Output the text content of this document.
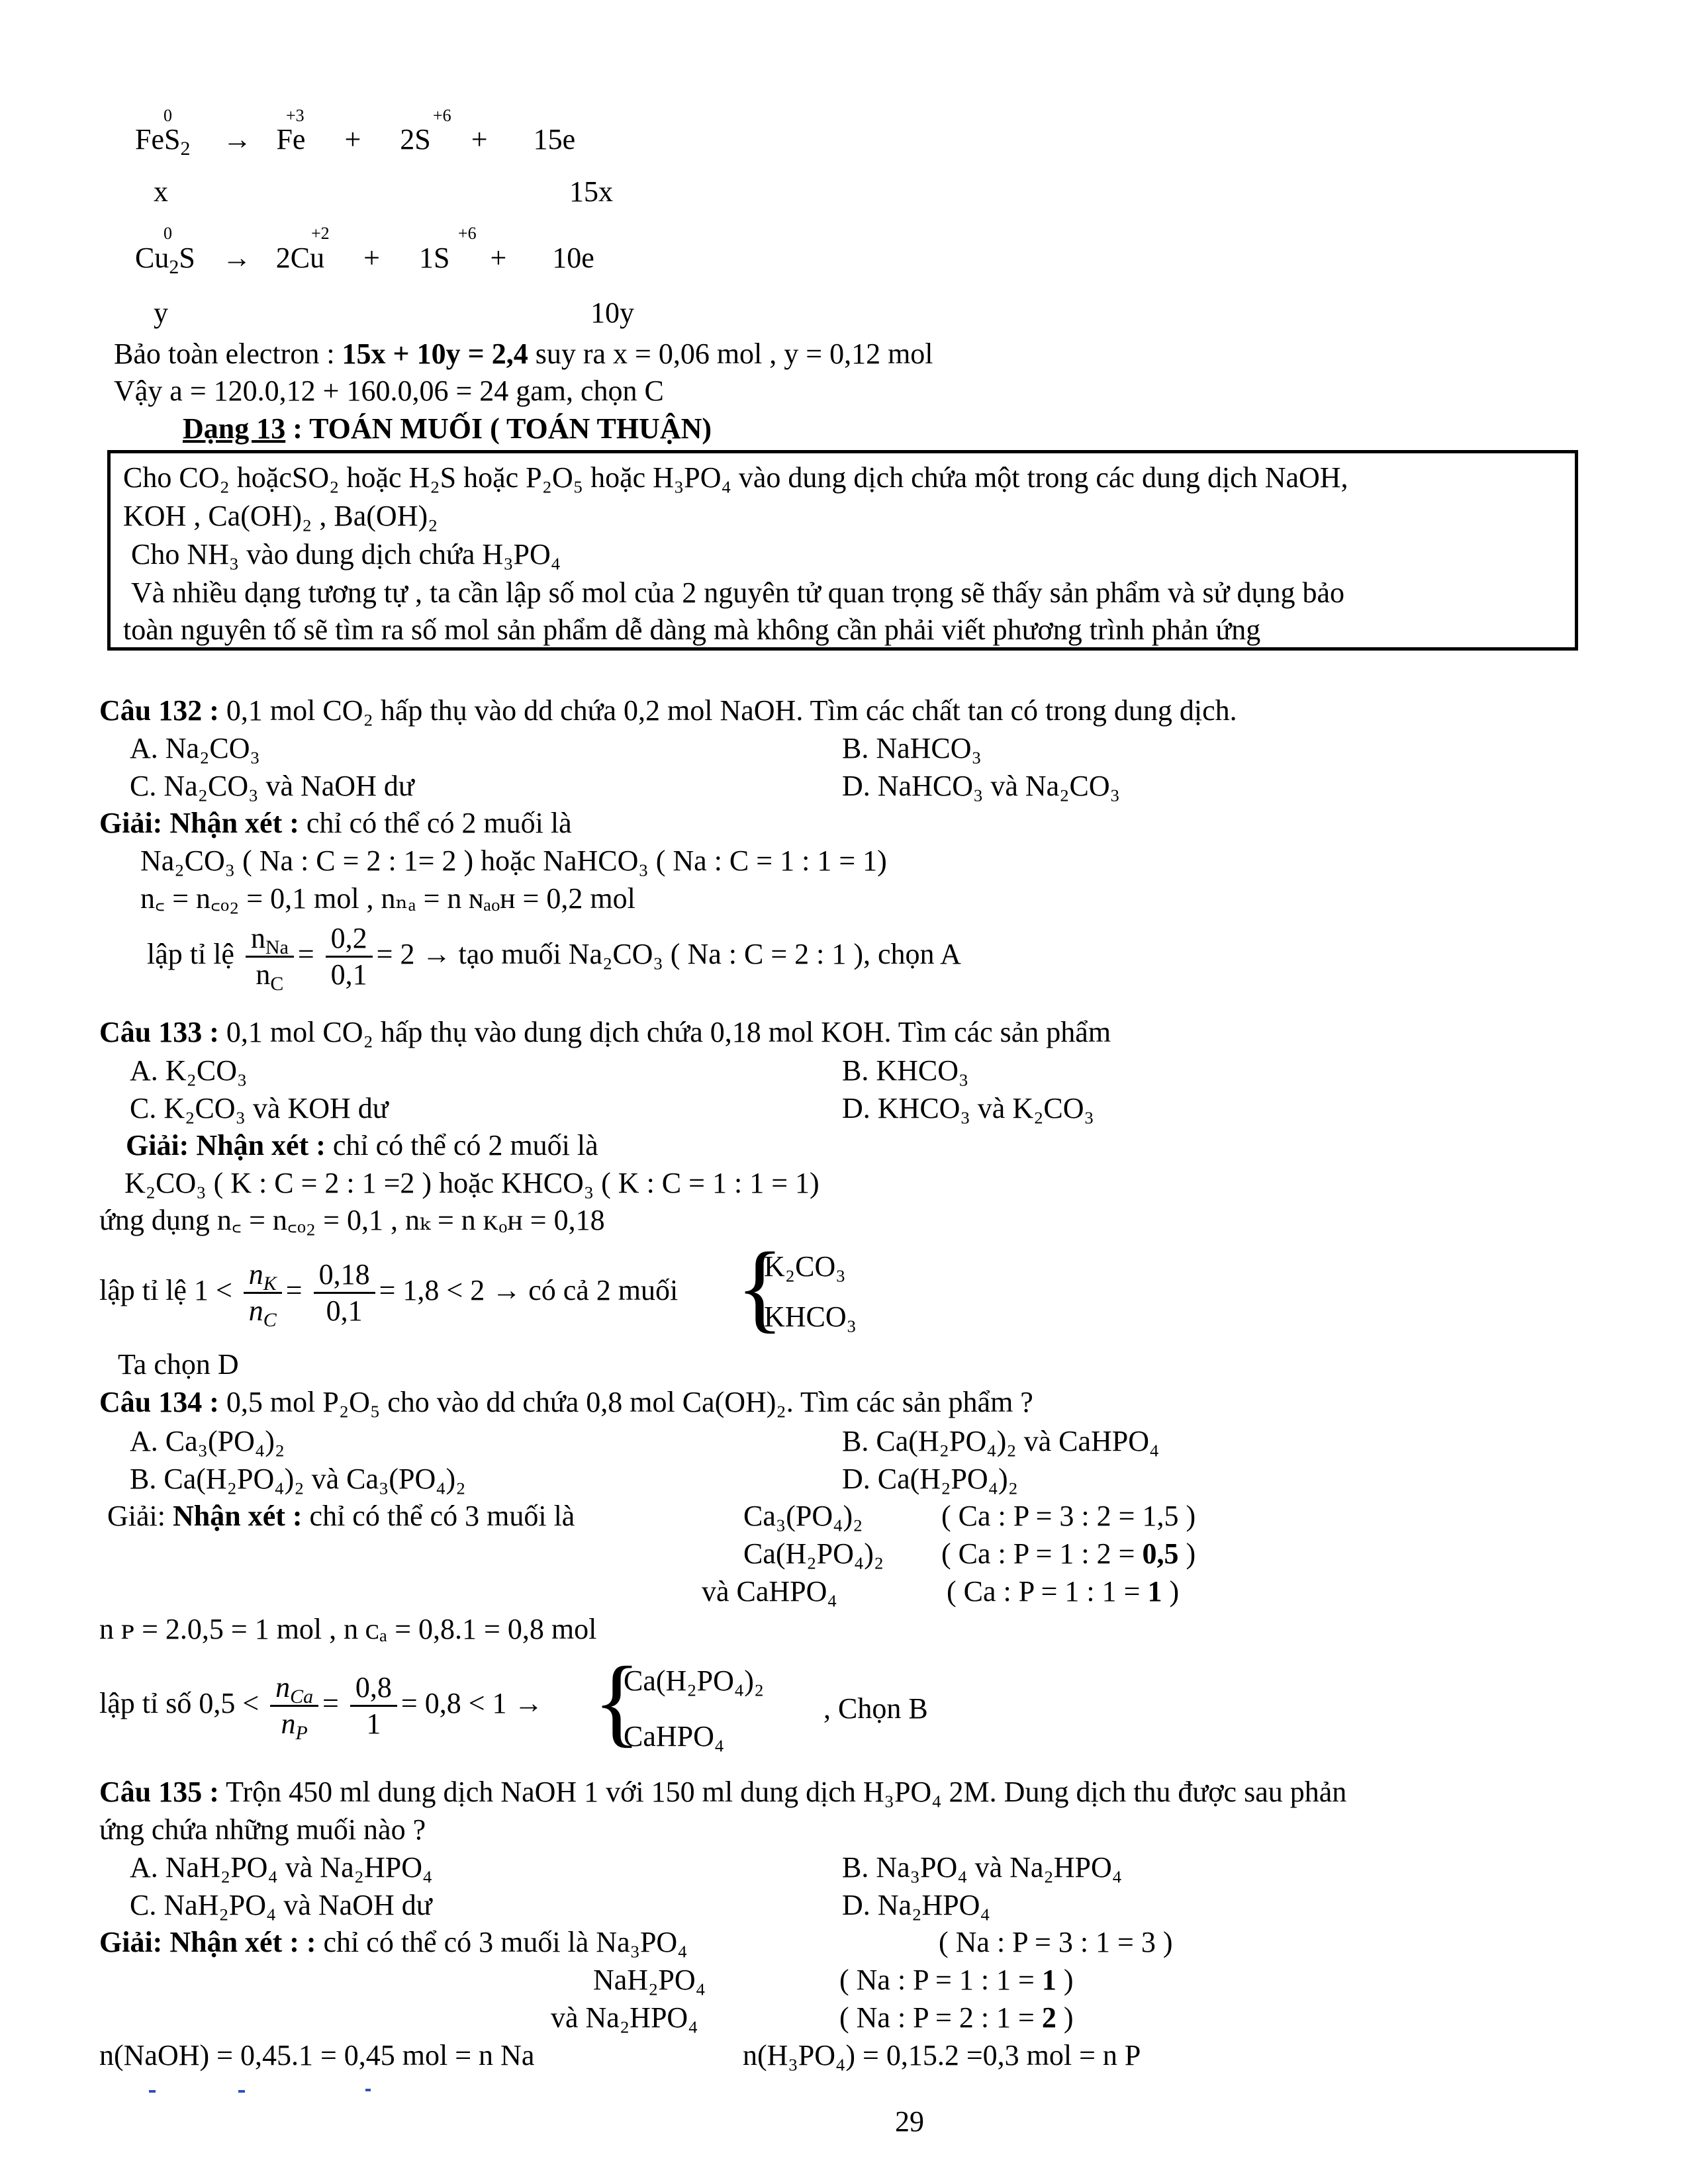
0	+3	+6
FeS$_2$ → Fe + 2S + 15e
x	15x
0	+2	+6
$Cu_2S \to 2Cu + 1S + 10e$
y	10y
Bảo toàn electron : 15x + 10y = 2,4 suy ra x = 0,06 mol , y = 0,12 mol
Vậy a = 120.0,12 + 160.0,06 = 24 gam, chọn C
Dạng 13 : TOÁN MUỐI ( TOÁN THUẬN)
Cho CO₂ hoặcSO₂ hoặc H₂S hoặc P₂O₅ hoặc H₃PO₄ vào dung dịch chứa một trong các dung dịch NaOH,
KOH , Ca(OH)₂ , Ba(OH)₂
Cho NH₃ vào dung dịch chứa H₃PO₄
Và nhiều dạng tương tự , ta cần lập số mol của 2 nguyên tử quan trọng sẽ thấy sản phẩm và sử dụng bảo
toàn nguyên tố sẽ tìm ra số mol sản phẩm dễ dàng mà không cần phải viết phương trình phản ứng
Câu 132 : 0,1 mol CO₂ hấp thụ vào dd chứa 0,2 mol NaOH. Tìm các chất tan có trong dung dịch.
A. Na₂CO₃	B. NaHCO₃
C. Na₂CO₃ và NaOH dư	D. NaHCO₃ và Na₂CO₃
Giải: Nhận xét : chỉ có thể có 2 muối là
Na₂CO₃ ( Na : C = 2 : 1= 2 ) hoặc NaHCO₃ ( Na : C = 1 : 1 = 1)
n꜀ = n꜀ₒ₂ = 0,1 mol , nₙₐ = n ɴₐₒʜ = 0,2 mol
lập tỉ lệ $\frac{n_{Na}}{n_C} = \frac{0,2}{0,1} = 2$ → tạo muối Na₂CO₃ ( Na : C = 2 : 1 ), chọn A
Câu 133 : 0,1 mol CO₂ hấp thụ vào dung dịch chứa 0,18 mol KOH. Tìm các sản phẩm
A. K₂CO₃	B. KHCO₃
C. K₂CO₃ và KOH dư	D. KHCO₃ và K₂CO₃
Giải: Nhận xét : chỉ có thể có 2 muối là
K₂CO₃ ( K : C = 2 : 1 =2 ) hoặc KHCO₃ ( K : C = 1 : 1 = 1)
ứng dụng n꜀ = n꜀ₒ₂ = 0,1 , nₖ = n ᴋₒʜ = 0,18
lập tỉ lệ $1 < \frac{n_K}{n_C} = \frac{0,18}{0,1} = 1,8 < 2$ → có cả 2 muối {
K₂CO₃
KHCO₃
Ta chọn D
Câu 134 : 0,5 mol P₂O₅ cho vào dd chứa 0,8 mol Ca(OH)₂. Tìm các sản phẩm ?
A. Ca₃(PO₄)₂	B. Ca(H₂PO₄)₂ và CaHPO₄
B. Ca(H₂PO₄)₂ và Ca₃(PO₄)₂	D. Ca(H₂PO₄)₂
Giải: Nhận xét : chỉ có thể có 3 muối là	Ca₃(PO₄)₂	( Ca : P = 3 : 2 = 1,5 )
Ca(H₂PO₄)₂ ( Ca : P = 1 : 2 = 0,5 )
và CaHPO₄	( Ca : P = 1 : 1 = 1 )
n ᴘ = 2.0,5 = 1 mol , n ᴄₐ = 0,8.1 = 0,8 mol
lập tỉ số $0,5 < \frac{n_{Ca}}{n_P} = \frac{0,8}{1} = 0,8 < 1$ → {
Ca(H₂PO₄)₂
CaHPO₄
, Chọn B
Câu 135 : Trộn 450 ml dung dịch NaOH 1 với 150 ml dung dịch H₃PO₄ 2M. Dung dịch thu được sau phản
ứng chứa những muối nào ?
A. NaH₂PO₄ và Na₂HPO₄	B. Na₃PO₄ và Na₂HPO₄
C. NaH₂PO₄ và NaOH dư	D. Na₂HPO₄
Giải: Nhận xét : : chỉ có thể có 3 muối là Na₃PO₄	( Na : P = 3 : 1 = 3 )
NaH₂PO₄	( Na : P = 1 : 1 = 1 )
và Na₂HPO₄	( Na : P = 2 : 1 = 2 )
n(NaOH) = 0,45.1 = 0,45 mol = n Na	n(H₃PO₄) = 0,15.2 =0,3 mol = n P
29
